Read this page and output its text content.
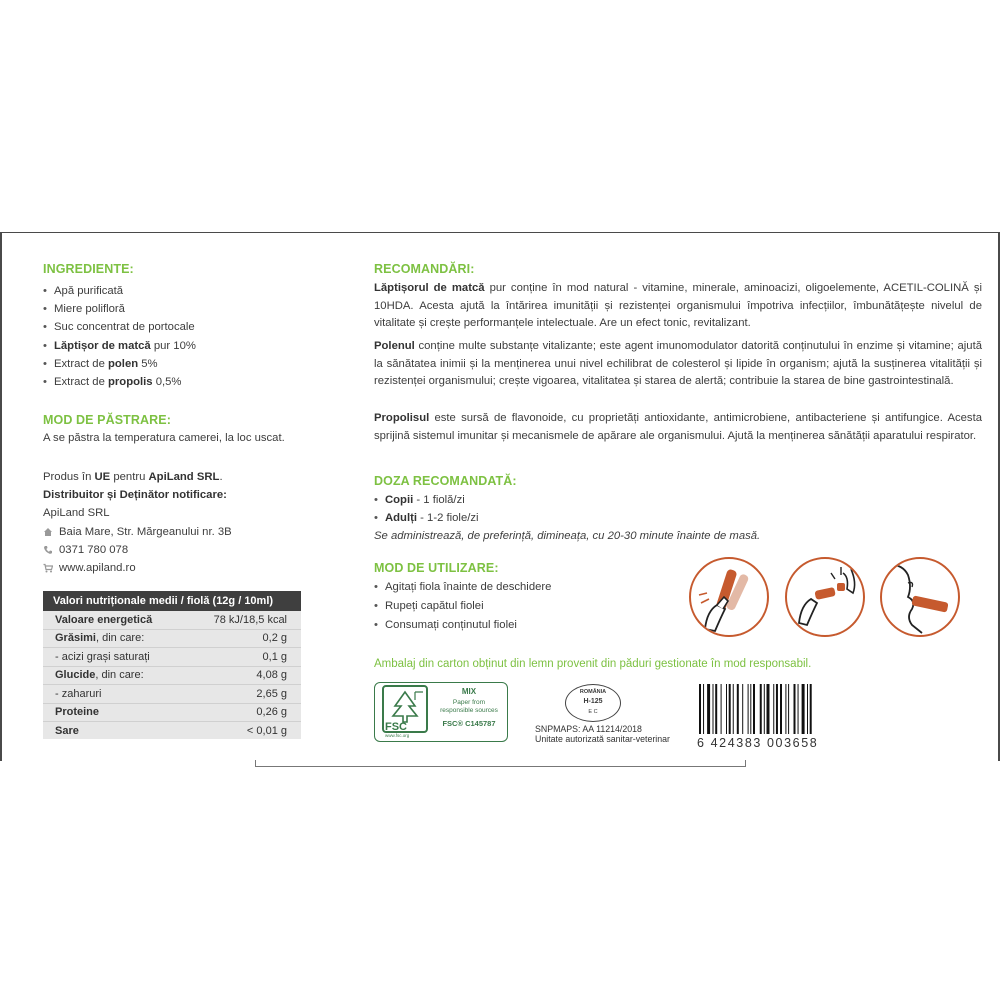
INGREDIENTE:
• Apă purificată
• Miere polifloră
• Suc concentrat de portocale
• Lăptișor de matcă pur 10%
• Extract de polen 5%
• Extract de propolis 0,5%
MOD DE PĂSTRARE:
A se păstra la temperatura camerei, la loc uscat.
Produs în UE pentru ApiLand SRL.
Distribuitor și Deținător notificare:
ApiLand SRL
Baia Mare, Str. Mărgeanului nr. 3B
0371 780 078
www.apiland.ro
Valori nutriționale medii / fiolă (12g / 10ml)
Valoare energetică	78 kJ/18,5 kcal
Grăsimi, din care:	0,2 g
- acizi grași saturați	0,1 g
Glucide, din care:	4,08 g
- zaharuri	2,65 g
Proteine	0,26 g
Sare	< 0,01 g
RECOMANDĂRI:
Lăptișorul de matcă pur conține în mod natural - vitamine, minerale, aminoacizi, oligoelemente, ACETIL-COLINĂ și 10HDA. Acesta ajută la întărirea imunității și rezistenței organismului împotriva infecțiilor, îmbunătățește nivelul de vitalitate și crește performanțele intelectuale. Are un efect tonic, revitalizant.
Polenul conține multe substanțe vitalizante; este agent imunomodulator datorită conținutului în enzime și vitamine; ajută la sănătatea inimii și la menținerea unui nivel echilibrat de colesterol și lipide în organism; ajută la susținerea vitalității și rezistenței organismului; crește vigoarea, vitalitatea și starea de alertă; contribuie la starea de bine gastrointestinală.
Propolisul este sursă de flavonoide, cu proprietăți antioxidante, antimicrobiene, antibacteriene și antifungice. Acesta sprijină sistemul imunitar și mecanismele de apărare ale organismului. Ajută la menținerea sănătății aparatului respirator.
DOZA RECOMANDATĂ:
• Copii - 1 fiolă/zi
• Adulți - 1-2 fiole/zi
Se administrează, de preferință, dimineața, cu 20-30 minute înainte de masă.
MOD DE UTILIZARE:
• Agitați fiola înainte de deschidere
• Rupeți capătul fiolei
• Consumați conținutul fiolei
Ambalaj din carton obținut din lemn provenit din păduri gestionate în mod responsabil.
FSC
www.fsc.org
MIX
Paper from
responsible sources
FSC® C145787
ROMÂNIA
H-125
E C
SNPMAPS: AA 11214/2018
Unitate autorizată sanitar-veterinar 6 424383 003658
